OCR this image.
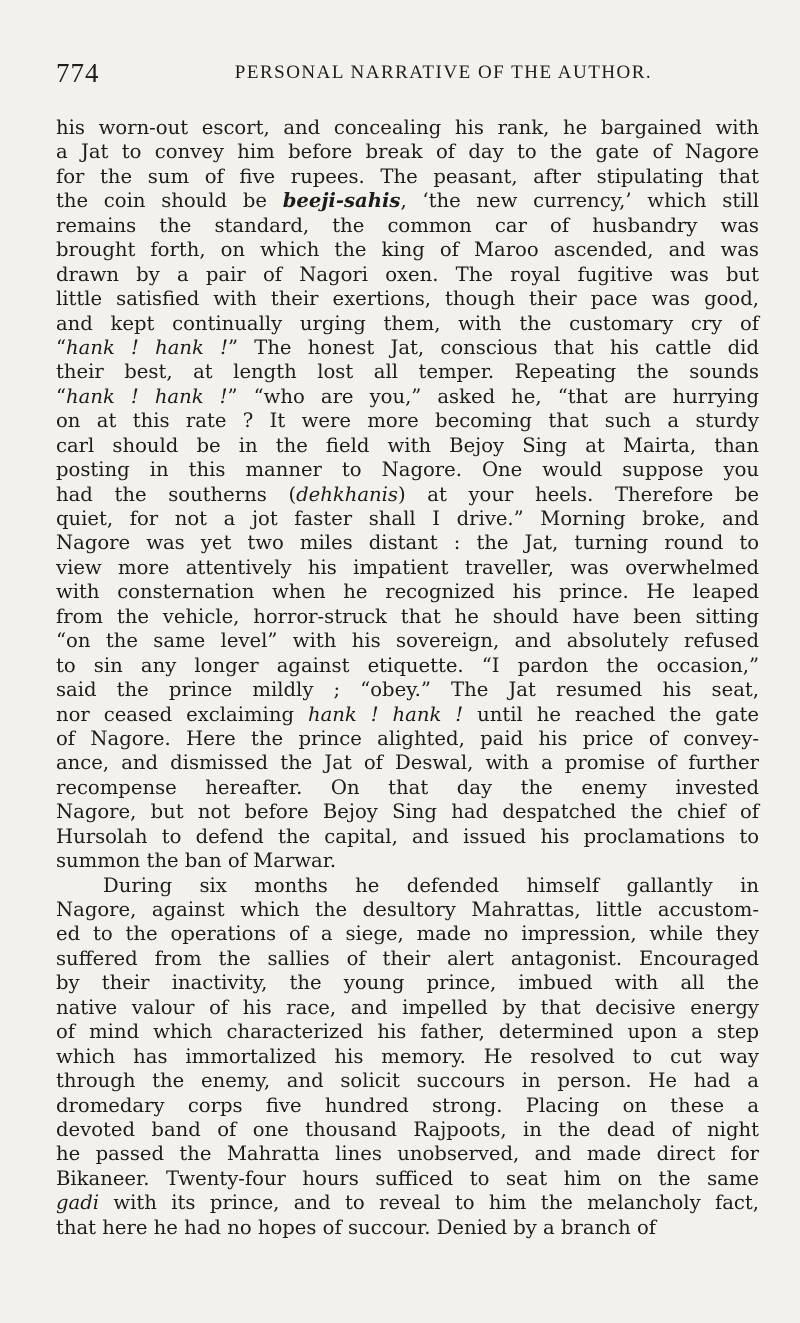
774	PERSONAL NARRATIVE OF THE AUTHOR.
his worn-out escort, and concealing his rank, he bargained with
a Jat to convey him before break of day to the gate of Nagore
for the sum of five rupees. The peasant, after stipulating that
the coin should be beeji-sahis, ‘the new currency,’ which still
remains the standard, the common car of husbandry was
brought forth, on which the king of Maroo ascended, and was
drawn by a pair of Nagori oxen. The royal fugitive was but
little satisfied with their exertions, though their pace was good,
and kept continually urging them, with the customary cry of
“hank ! hank !” The honest Jat, conscious that his cattle did
their best, at length lost all temper. Repeating the sounds
“hank ! hank !” “who are you,” asked he, “that are hurrying
on at this rate ? It were more becoming that such a sturdy
carl should be in the field with Bejoy Sing at Mairta, than
posting in this manner to Nagore. One would suppose you
had the southerns (dehkhanis) at your heels. Therefore be
quiet, for not a jot faster shall I drive.” Morning broke, and
Nagore was yet two miles distant : the Jat, turning round to
view more attentively his impatient traveller, was overwhelmed
with consternation when he recognized his prince. He leaped
from the vehicle, horror-struck that he should have been sitting
“on the same level” with his sovereign, and absolutely refused
to sin any longer against etiquette. “I pardon the occasion,”
said the prince mildly ; “obey.” The Jat resumed his seat,
nor ceased exclaiming hank ! hank ! until he reached the gate
of Nagore. Here the prince alighted, paid his price of convey-
ance, and dismissed the Jat of Deswal, with a promise of further
recompense hereafter. On that day the enemy invested
Nagore, but not before Bejoy Sing had despatched the chief of
Hursolah to defend the capital, and issued his proclamations to
summon the ban of Marwar.
During six months he defended himself gallantly in
Nagore, against which the desultory Mahrattas, little accustom-
ed to the operations of a siege, made no impression, while they
suffered from the sallies of their alert antagonist. Encouraged
by their inactivity, the young prince, imbued with all the
native valour of his race, and impelled by that decisive energy
of mind which characterized his father, determined upon a step
which has immortalized his memory. He resolved to cut way
through the enemy, and solicit succours in person. He had a
dromedary corps five hundred strong. Placing on these a
devoted band of one thousand Rajpoots, in the dead of night
he passed the Mahratta lines unobserved, and made direct for
Bikaneer. Twenty-four hours sufficed to seat him on the same
gadi with its prince, and to reveal to him the melancholy fact,
that here he had no hopes of succour. Denied by a branch of
